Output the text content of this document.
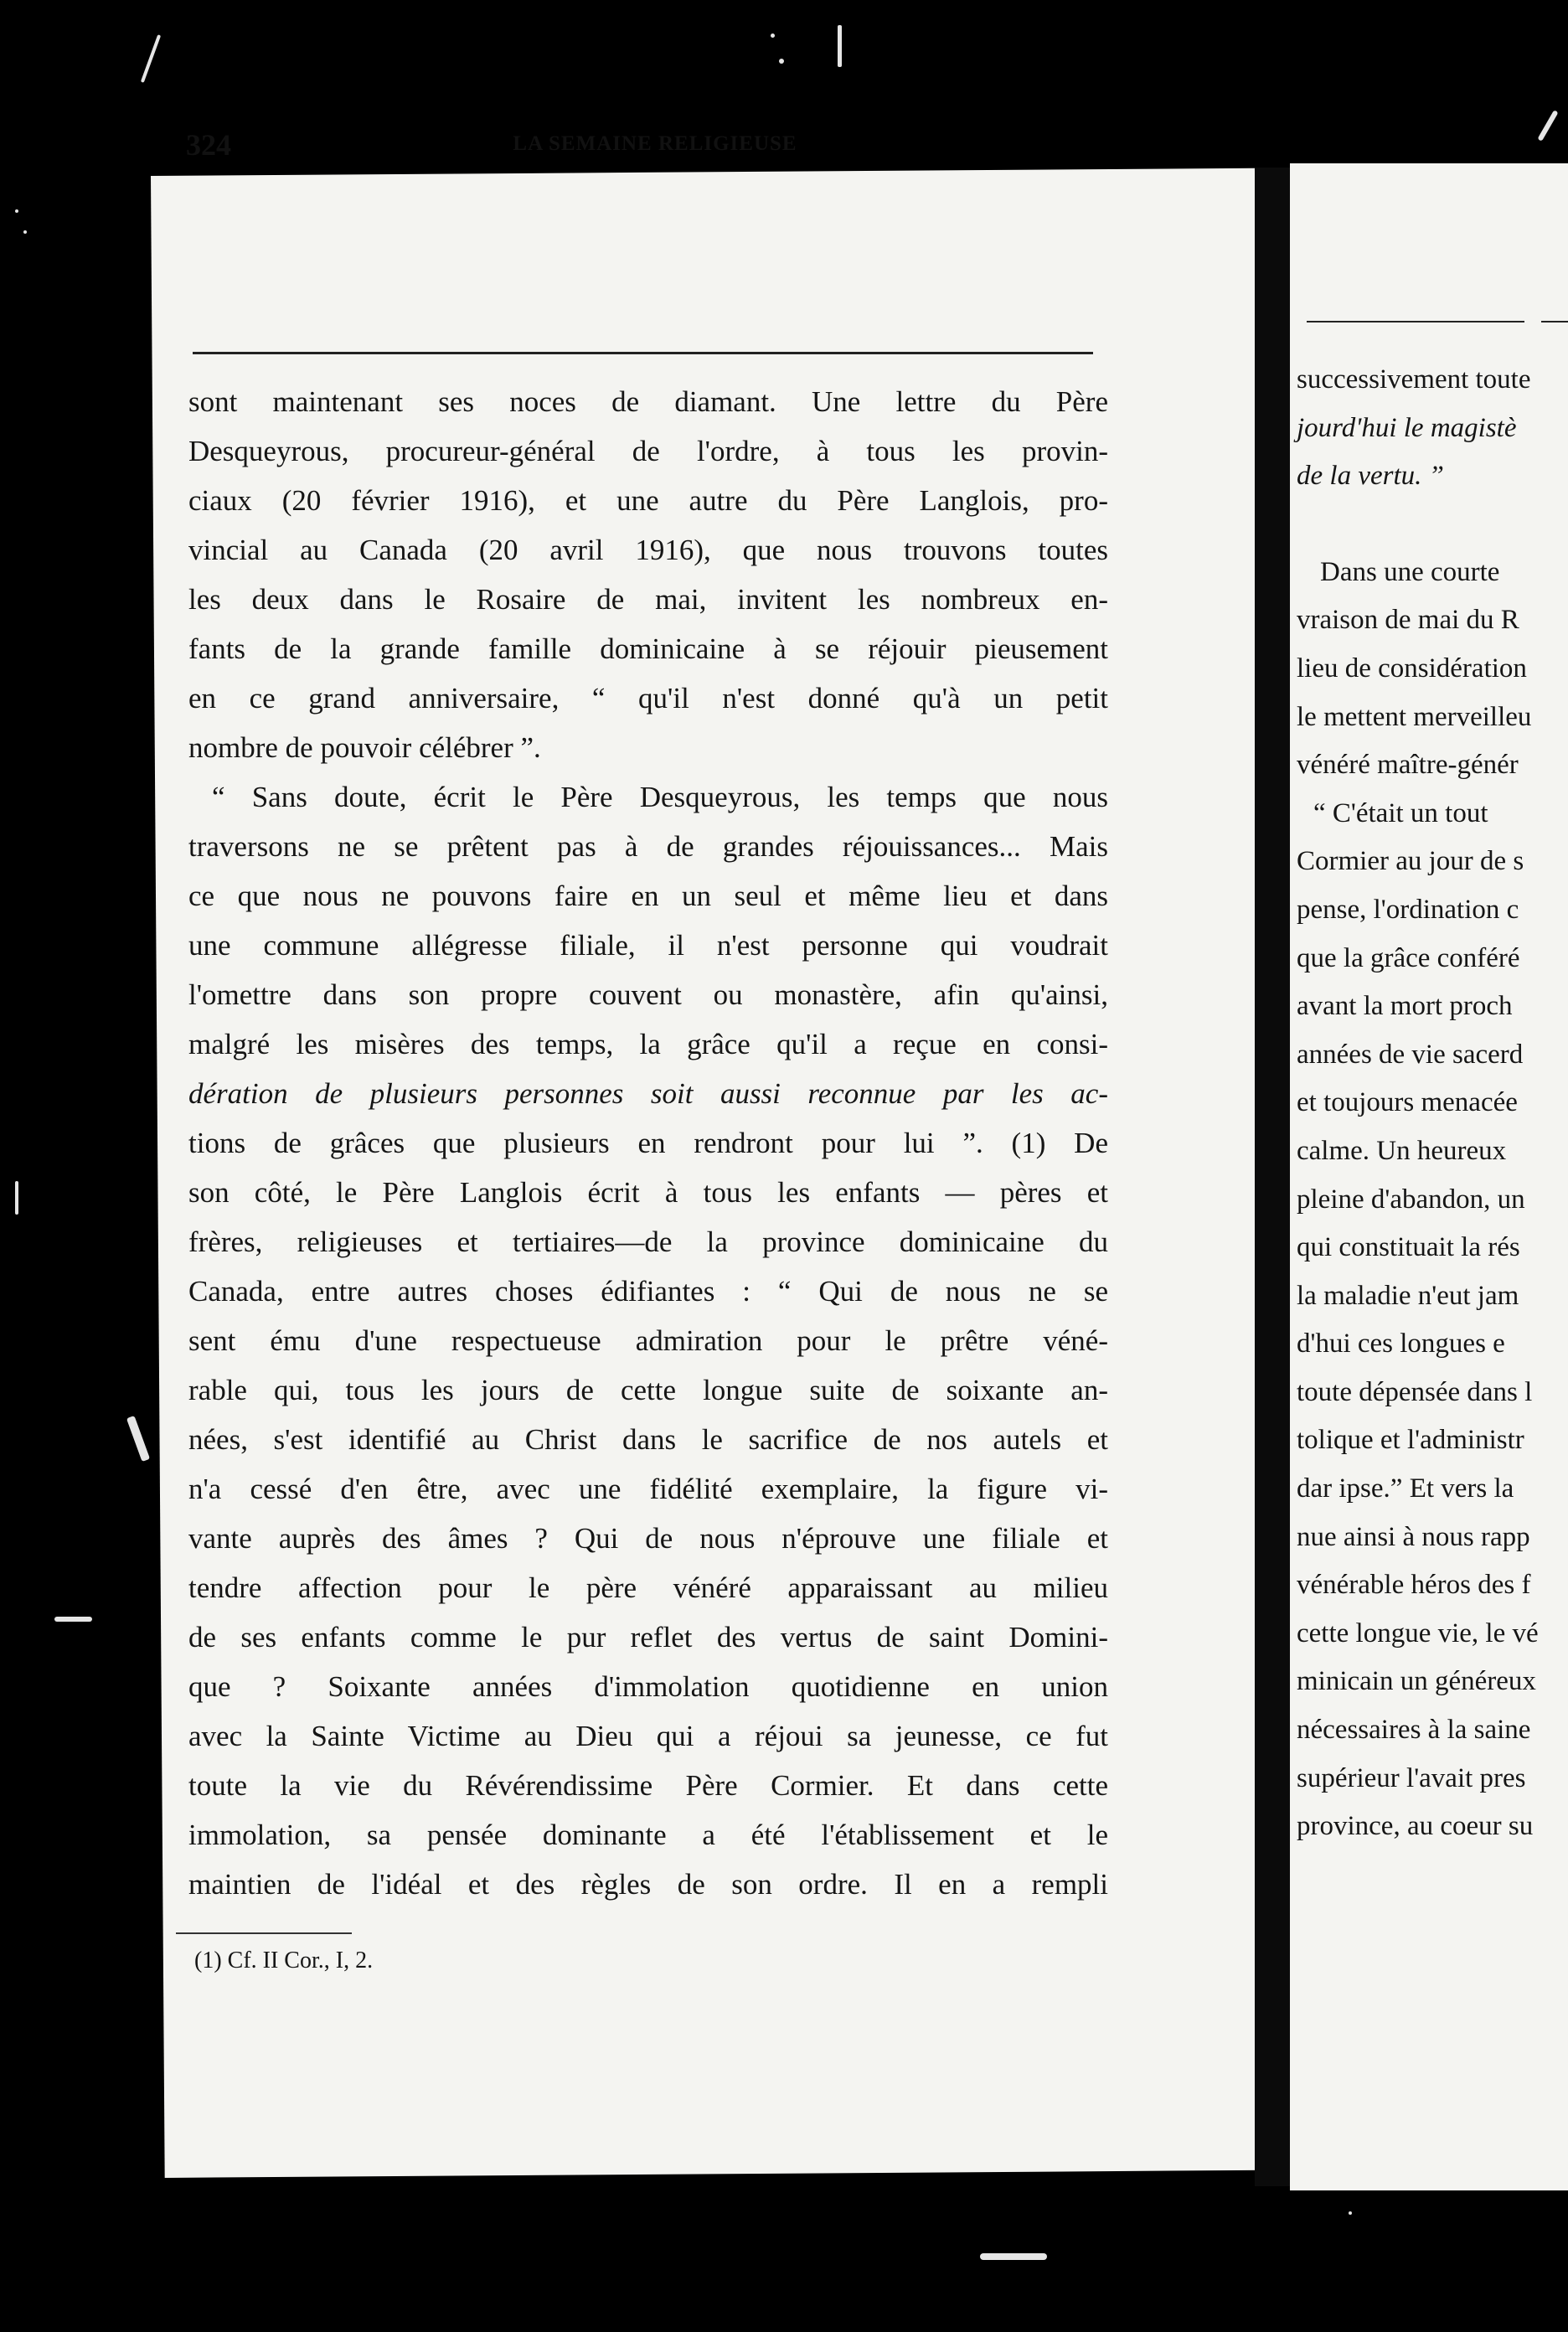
successivement toute
jourd'hui le magistè
de la vertu. ”
Dans une courte
vraison de mai du R
lieu de considération
le mettent merveilleu
vénéré maître-génér
“ C'était un tout
Cormier au jour de s
pense, l'ordination c
que la grâce conféré
avant la mort proch
années de vie sacerd
et toujours menacée
calme. Un heureux
pleine d'abandon, un
qui constituait la rés
la maladie n'eut jam
d'hui ces longues e
toute dépensée dans l
tolique et l'administr
dar ipse.” Et vers la
nue ainsi à nous rapp
vénérable héros des f
cette longue vie, le vé
minicain un généreux
nécessaires à la saine
supérieur l'avait pres
province, au coeur su
324	LA SEMAINE RELIGIEUSE
sont maintenant ses noces de diamant. Une lettre du Père
Desqueyrous, procureur-général de l'ordre, à tous les provin-
ciaux (20 février 1916), et une autre du Père Langlois, pro-
vincial au Canada (20 avril 1916), que nous trouvons toutes
les deux dans le Rosaire de mai, invitent les nombreux en-
fants de la grande famille dominicaine à se réjouir pieusement
en ce grand anniversaire, “ qu'il n'est donné qu'à un petit
nombre de pouvoir célébrer ”.
“ Sans doute, écrit le Père Desqueyrous, les temps que nous
traversons ne se prêtent pas à de grandes réjouissances... Mais
ce que nous ne pouvons faire en un seul et même lieu et dans
une commune allégresse filiale, il n'est personne qui voudrait
l'omettre dans son propre couvent ou monastère, afin qu'ainsi,
malgré les misères des temps, la grâce qu'il a reçue en consi-
dération de plusieurs personnes soit aussi reconnue par les ac-
tions de grâces que plusieurs en rendront pour lui ”. (1) De
son côté, le Père Langlois écrit à tous les enfants — pères et
frères, religieuses et tertiaires—de la province dominicaine du
Canada, entre autres choses édifiantes : “ Qui de nous ne se
sent ému d'une respectueuse admiration pour le prêtre véné-
rable qui, tous les jours de cette longue suite de soixante an-
nées, s'est identifié au Christ dans le sacrifice de nos autels et
n'a cessé d'en être, avec une fidélité exemplaire, la figure vi-
vante auprès des âmes ? Qui de nous n'éprouve une filiale et
tendre affection pour le père vénéré apparaissant au milieu
de ses enfants comme le pur reflet des vertus de saint Domini-
que ? Soixante années d'immolation quotidienne en union
avec la Sainte Victime au Dieu qui a réjoui sa jeunesse, ce fut
toute la vie du Révérendissime Père Cormier. Et dans cette
immolation, sa pensée dominante a été l'établissement et le
maintien de l'idéal et des règles de son ordre. Il en a rempli
(1) Cf. II Cor., I, 2.
